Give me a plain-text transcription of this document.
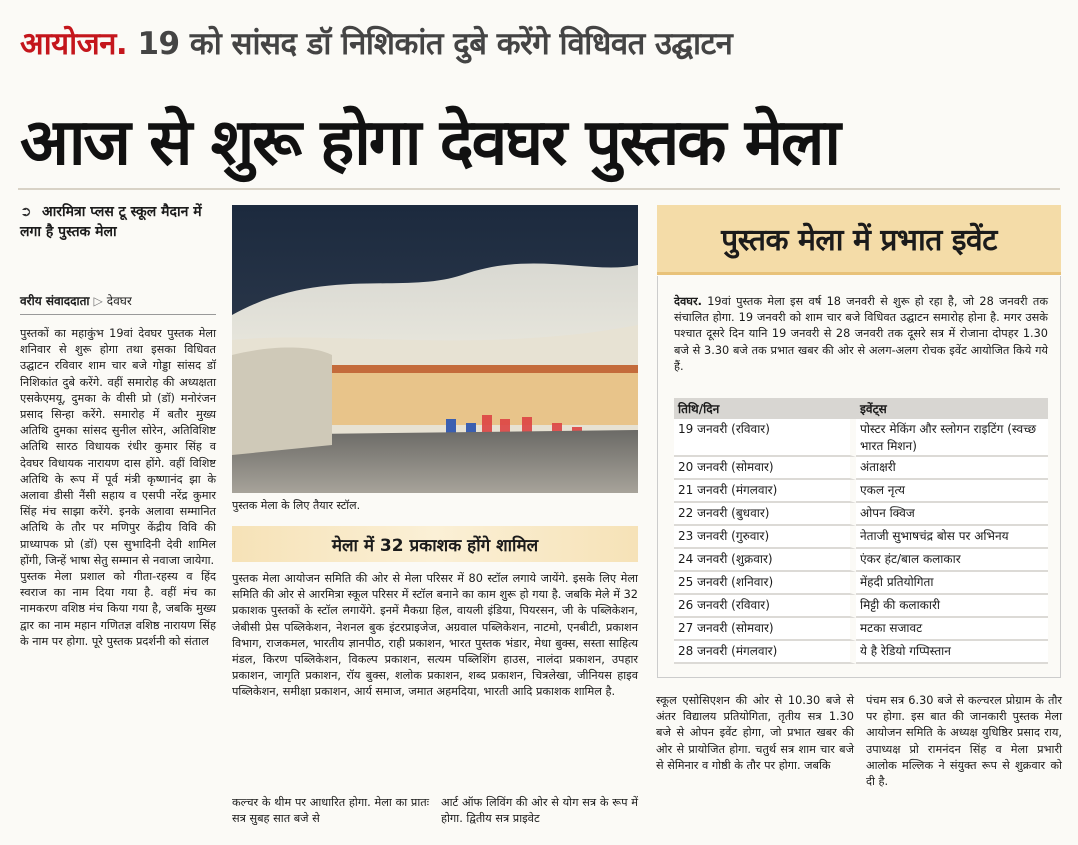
आयोजन. 19 को सांसद डॉ निशिकांत दुबे करेंगे विधिवत उद्घाटन
आज से शुरू होगा देवघर पुस्तक मेला
➲ आरमित्रा प्लस टू स्कूल मैदान में लगा है पुस्तक मेला
वरीय संवाददाता ▷ देवघर

पुस्तकों का महाकुंभ 19वां देवघर पुस्तक मेला शनिवार से शुरू होगा तथा इसका विधिवत उद्घाटन रविवार शाम चार बजे गोड्डा सांसद डॉ निशिकांत दुबे करेंगे. वहीं समारोह की अध्यक्षता एसकेएमयू, दुमका के वीसी प्रो (डॉ) मनोरंजन प्रसाद सिन्हा करेंगे. समारोह में बतौर मुख्य अतिथि दुमका सांसद सुनील सोरेन, अतिविशिष्ट अतिथि सारठ विधायक रंधीर कुमार सिंह व देवघर विधायक नारायण दास होंगे. वहीं विशिष्ट अतिथि के रूप में पूर्व मंत्री कृष्णानंद झा के अलावा डीसी नैंसी सहाय व एसपी नरेंद्र कुमार सिंह मंच साझा करेंगे. इनके अलावा सम्मानित अतिथि के तौर पर मणिपुर केंद्रीय विवि की प्राध्यापक प्रो (डॉ) एस सुभादिनी देवी शामिल होंगी, जिन्हें भाषा सेतु सम्मान से नवाजा जायेगा.

पुस्तक मेला प्रशाल को गीता-रहस्य व हिंद स्वराज का नाम दिया गया है. वहीं मंच का नामकरण वशिष्ठ मंच किया गया है, जबकि मुख्य द्वार का नाम महान गणितज्ञ वशिष्ठ नारायण सिंह के नाम पर होगा. पूरे पुस्तक प्रदर्शनी को संताल

पुस्तक मेला के लिए तैयार स्टॉल.
मेला में 32 प्रकाशक होंगे शामिल
पुस्तक मेला आयोजन समिति की ओर से मेला परिसर में 80 स्टॉल लगाये जायेंगे. इसके लिए मेला समिति की ओर से आरमित्रा स्कूल परिसर में स्टॉल बनाने का काम शुरू हो गया है. जबकि मेले में 32 प्रकाशक पुस्तकों के स्टॉल लगायेंगे. इनमें मैकग्रा हिल, वायली इंडिया, पियरसन, जी के पब्लिकेशन, जेबीसी प्रेस पब्लिकेशन, नेशनल बुक इंटरप्राइजेज, अग्रवाल पब्लिकेशन, नाटमो, एनबीटी, प्रकाशन विभाग, राजकमल, भारतीय ज्ञानपीठ, राही प्रकाशन, भारत पुस्तक भंडार, मेधा बुक्स, सस्ता साहित्य मंडल, किरण पब्लिकेशन, विकल्प प्रकाशन, सत्यम पब्लिशिंग हाउस, नालंदा प्रकाशन, उपहार प्रकाशन, जागृति प्रकाशन, रॉय बुक्स, शलोक प्रकाशन, शब्द प्रकाशन, चित्रलेखा, जीनियस हाइव पब्लिकेशन, समीक्षा प्रकाशन, आर्य समाज, जमात अहमदिया, भारती आदि प्रकाशक शामिल है.
कल्चर के थीम पर आधारित होगा. मेला का प्रातः सत्र सुबह सात बजे से
आर्ट ऑफ लिविंग की ओर से योग सत्र के रूप में होगा. द्वितीय सत्र प्राइवेट
पुस्तक मेला में प्रभात इवेंट
देवघर. 19वां पुस्तक मेला इस वर्ष 18 जनवरी से शुरू हो रहा है, जो 28 जनवरी तक संचालित होगा. 19 जनवरी को शाम चार बजे विधिवत उद्घाटन समारोह होना है. मगर उसके पश्चात दूसरे दिन यानि 19 जनवरी से 28 जनवरी तक दूसरे सत्र में रोजाना दोपहर 1.30 बजे से 3.30 बजे तक प्रभात खबर की ओर से अलग-अलग रोचक इवेंट आयोजित किये गये हैं.
तिथि/दिन	इवेंट्स
19 जनवरी (रविवार)	पोस्टर मेकिंग और स्लोगन राइटिंग (स्वच्छ भारत मिशन)
20 जनवरी (सोमवार)	अंताक्षरी
21 जनवरी (मंगलवार)	एकल नृत्य
22 जनवरी (बुधवार)	ओपन क्विज
23 जनवरी (गुरुवार)	नेताजी सुभाषचंद्र बोस पर अभिनय
24 जनवरी (शुक्रवार)	एंकर हंट/बाल कलाकार
25 जनवरी (शनिवार)	मेंहदी प्रतियोगिता
26 जनवरी (रविवार)	मिट्टी की कलाकारी
27 जनवरी (सोमवार)	मटका सजावट
28 जनवरी (मंगलवार)	ये है रेडियो गप्पिस्तान
स्कूल एसोसिएशन की ओर से 10.30 बजे से अंतर विद्यालय प्रतियोगिता, तृतीय सत्र 1.30 बजे से ओपन इवेंट होगा, जो प्रभात खबर की ओर से प्रायोजित होगा. चतुर्थ सत्र शाम चार बजे से सेमिनार व गोष्ठी के तौर पर होगा. जबकि
पंचम सत्र 6.30 बजे से कल्चरल प्रोग्राम के तौर पर होगा. इस बात की जानकारी पुस्तक मेला आयोजन समिति के अध्यक्ष युधिष्ठिर प्रसाद राय, उपाध्यक्ष प्रो रामनंदन सिंह व मेला प्रभारी आलोक मल्लिक ने संयुक्त रूप से शुक्रवार को दी है.
